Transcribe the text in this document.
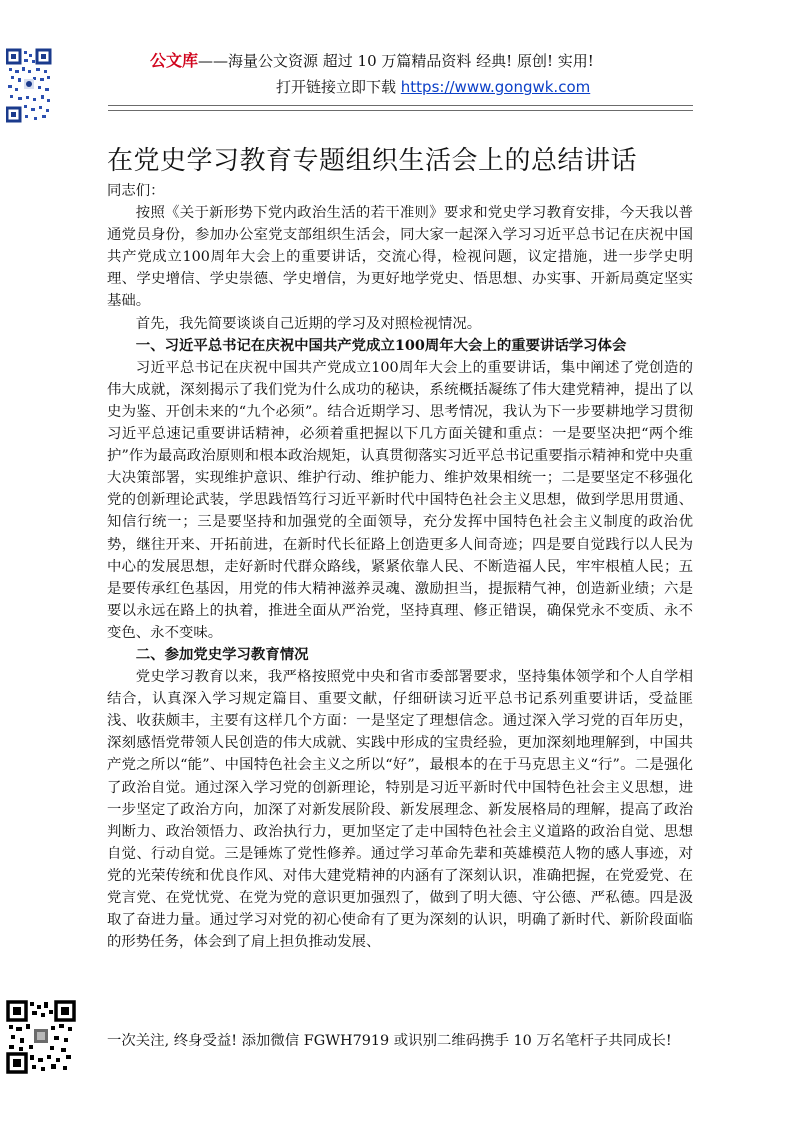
公文库——海量公文资源 超过 10 万篇精品资料 经典! 原创! 实用!
打开链接立即下载 https://www.gongwk.com
在党史学习教育专题组织生活会上的总结讲话

同志们：

按照《关于新形势下党内政治生活的若干准则》要求和党史学习教育安排，今天我以普通党员身份，参加办公室党支部组织生活会，同大家一起深入学习习近平总书记在庆祝中国共产党成立100周年大会上的重要讲话，交流心得，检视问题，议定措施，进一步学史明理、学史增信、学史崇德、学史增信，为更好地学党史、悟思想、办实事、开新局奠定坚实基础。

首先，我先简要谈谈自己近期的学习及对照检视情况。

一、习近平总书记在庆祝中国共产党成立100周年大会上的重要讲话学习体会

习近平总书记在庆祝中国共产党成立100周年大会上的重要讲话，集中阐述了党创造的伟大成就，深刻揭示了我们党为什么成功的秘诀，系统概括凝练了伟大建党精神，提出了以史为鉴、开创未来的“九个必须”。结合近期学习、思考情况，我认为下一步要耕地学习贯彻习近平总速记重要讲话精神，必须着重把握以下几方面关键和重点：一是要坚决把“两个维护”作为最高政治原则和根本政治规矩，认真贯彻落实习近平总书记重要指示精神和党中央重大决策部署，实现维护意识、维护行动、维护能力、维护效果相统一；二是要坚定不移强化党的创新理论武装，学思践悟笃行习近平新时代中国特色社会主义思想，做到学思用贯通、知信行统一；三是要坚持和加强党的全面领导，充分发挥中国特色社会主义制度的政治优势，继往开来、开拓前进，在新时代长征路上创造更多人间奇迹；四是要自觉践行以人民为中心的发展思想，走好新时代群众路线，紧紧依靠人民、不断造福人民，牢牢根植人民；五是要传承红色基因，用党的伟大精神滋养灵魂、激励担当，提振精气神，创造新业绩；六是要以永远在路上的执着，推进全面从严治党，坚持真理、修正错误，确保党永不变质、永不变色、永不变味。

二、参加党史学习教育情况

党史学习教育以来，我严格按照党中央和省市委部署要求，坚持集体领学和个人自学相结合，认真深入学习规定篇目、重要文献，仔细研读习近平总书记系列重要讲话，受益匪浅、收获颇丰，主要有这样几个方面：一是坚定了理想信念。通过深入学习党的百年历史，深刻感悟党带领人民创造的伟大成就、实践中形成的宝贵经验，更加深刻地理解到，中国共产党之所以“能”、中国特色社会主义之所以“好”，最根本的在于马克思主义“行”。二是强化了政治自觉。通过深入学习党的创新理论，特别是习近平新时代中国特色社会主义思想，进一步坚定了政治方向，加深了对新发展阶段、新发展理念、新发展格局的理解，提高了政治判断力、政治领悟力、政治执行力，更加坚定了走中国特色社会主义道路的政治自觉、思想自觉、行动自觉。三是锤炼了党性修养。通过学习革命先辈和英雄模范人物的感人事迹，对党的光荣传统和优良作风、对伟大建党精神的内涵有了深刻认识，准确把握，在党爱党、在党言党、在党忧党、在党为党的意识更加强烈了，做到了明大德、守公德、严私德。四是汲取了奋进力量。通过学习对党的初心使命有了更为深刻的认识，明确了新时代、新阶段面临的形势任务，体会到了肩上担负推动发展、

一次关注, 终身受益! 添加微信 FGWH7919 或识别二维码携手 10 万名笔杆子共同成长!
